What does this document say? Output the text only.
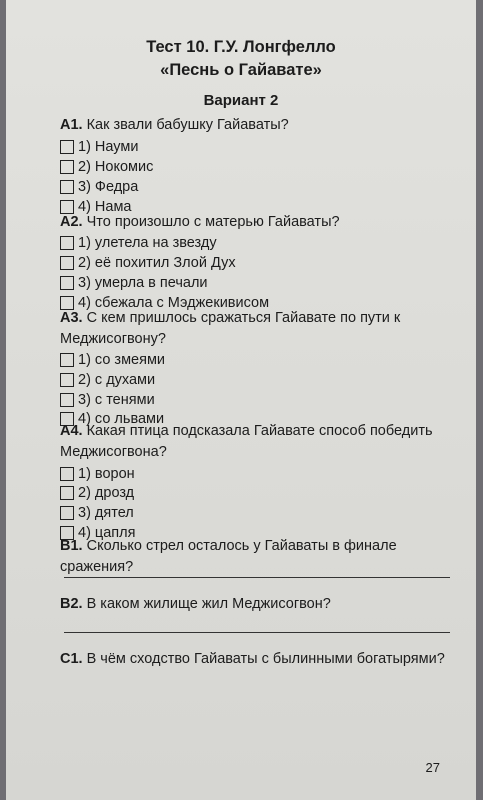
Тест 10. Г.У. Лонгфелло
«Песнь о Гайавате»
Вариант 2
А1. Как звали бабушку Гайаваты?
1) Науми
2) Нокомис
3) Федра
4) Нама
А2. Что произошло с матерью Гайаваты?
1) улетела на звезду
2) её похитил Злой Дух
3) умерла в печали
4) сбежала с Мэджекивисом
А3. С кем пришлось сражаться Гайавате по пути к Меджисогвону?
1) со змеями
2) с духами
3) с тенями
4) со львами
А4. Какая птица подсказала Гайавате способ победить Меджисогвона?
1) ворон
2) дрозд
3) дятел
4) цапля
В1. Сколько стрел осталось у Гайаваты в финале сражения?
В2. В каком жилище жил Меджисогвон?
С1. В чём сходство Гайаваты с былинными богатырями?
27
